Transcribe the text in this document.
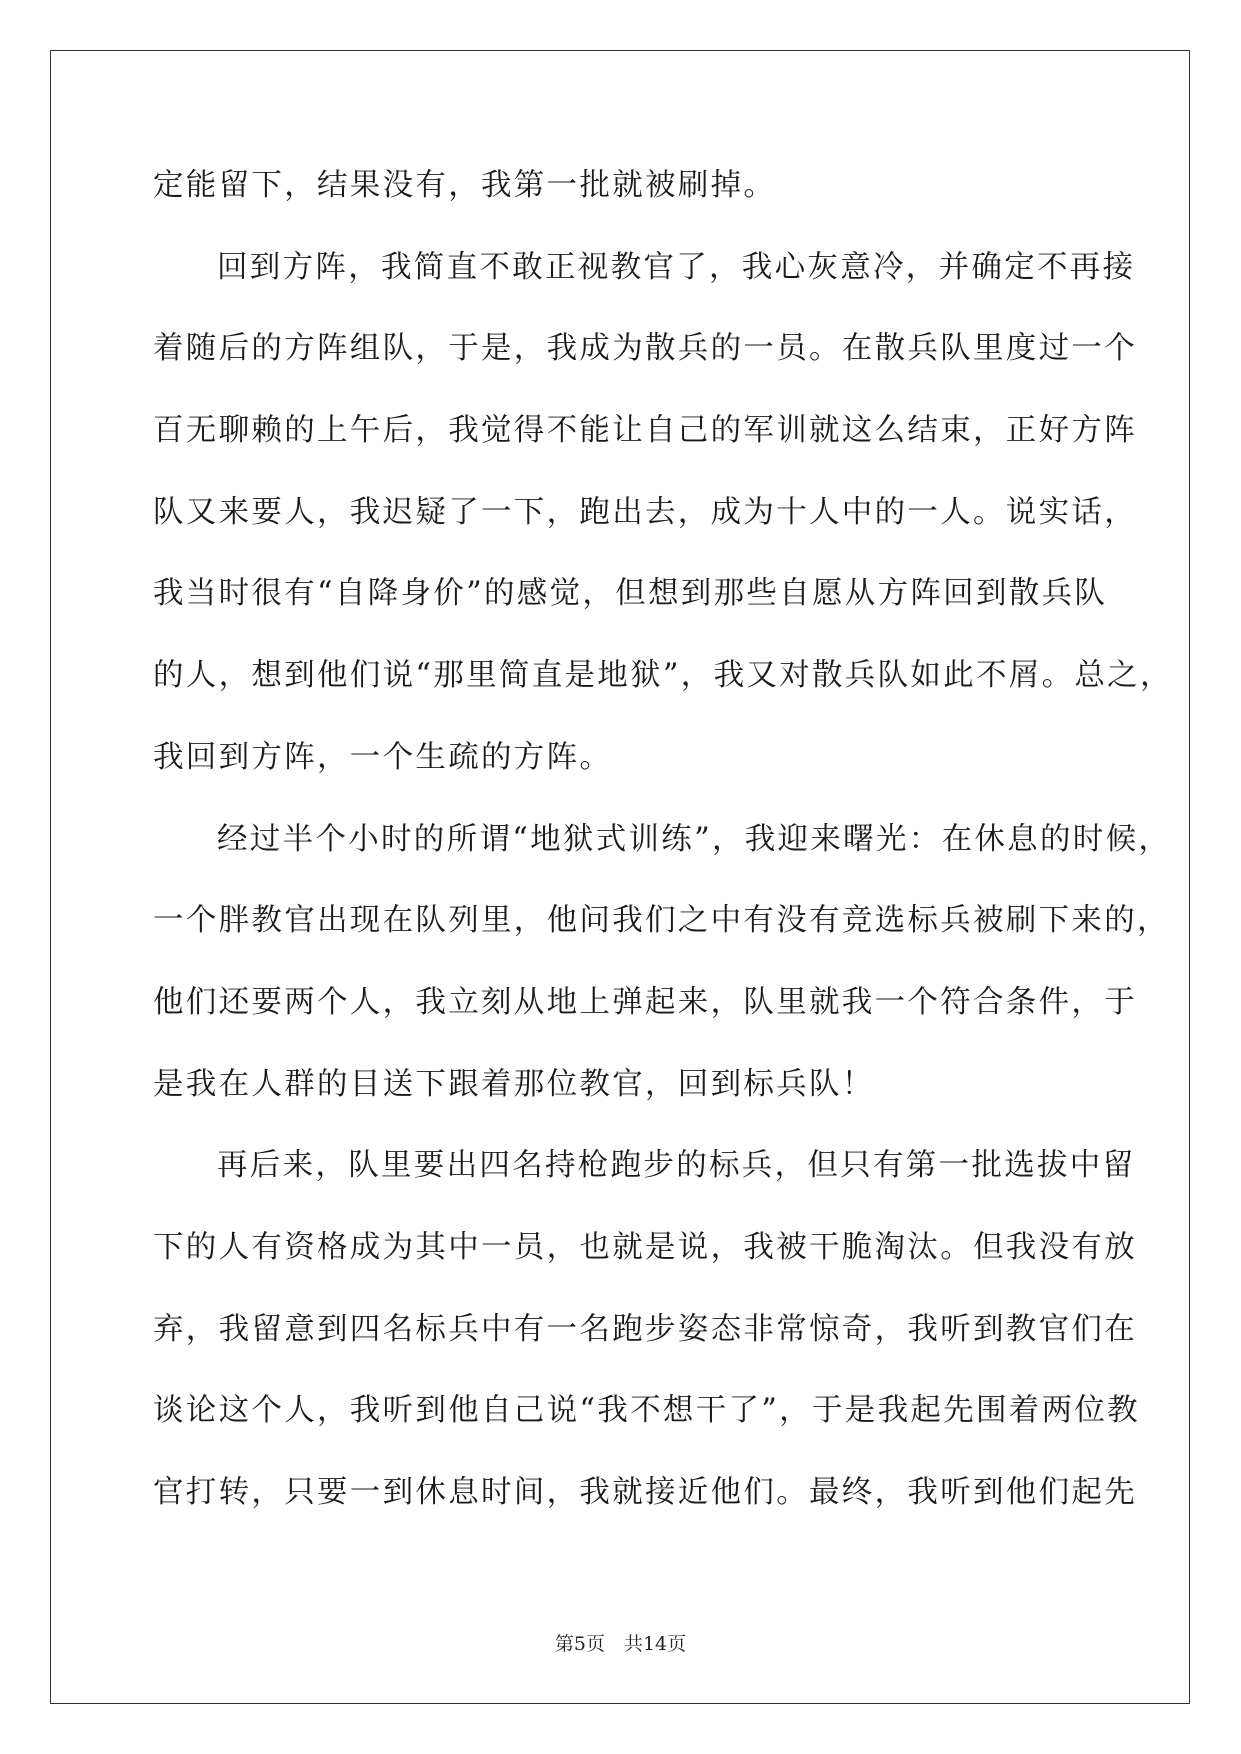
定能留下，结果没有，我第一批就被刷掉。
回到方阵，我简直不敢正视教官了，我心灰意冷，并确定不再接
着随后的方阵组队，于是，我成为散兵的一员。在散兵队里度过一个
百无聊赖的上午后，我觉得不能让自己的军训就这么结束，正好方阵
队又来要人，我迟疑了一下，跑出去，成为十人中的一人。说实话，
我当时很有“自降身价”的感觉，但想到那些自愿从方阵回到散兵队
的人，想到他们说“那里简直是地狱”，我又对散兵队如此不屑。总之，
我回到方阵，一个生疏的方阵。
经过半个小时的所谓“地狱式训练”，我迎来曙光：在休息的时候，
一个胖教官出现在队列里，他问我们之中有没有竞选标兵被刷下来的，
他们还要两个人，我立刻从地上弹起来，队里就我一个符合条件，于
是我在人群的目送下跟着那位教官，回到标兵队！
再后来，队里要出四名持枪跑步的标兵，但只有第一批选拔中留
下的人有资格成为其中一员，也就是说，我被干脆淘汰。但我没有放
弃，我留意到四名标兵中有一名跑步姿态非常惊奇，我听到教官们在
谈论这个人，我听到他自己说“我不想干了”，于是我起先围着两位教
官打转，只要一到休息时间，我就接近他们。最终，我听到他们起先
第5页　共14页
